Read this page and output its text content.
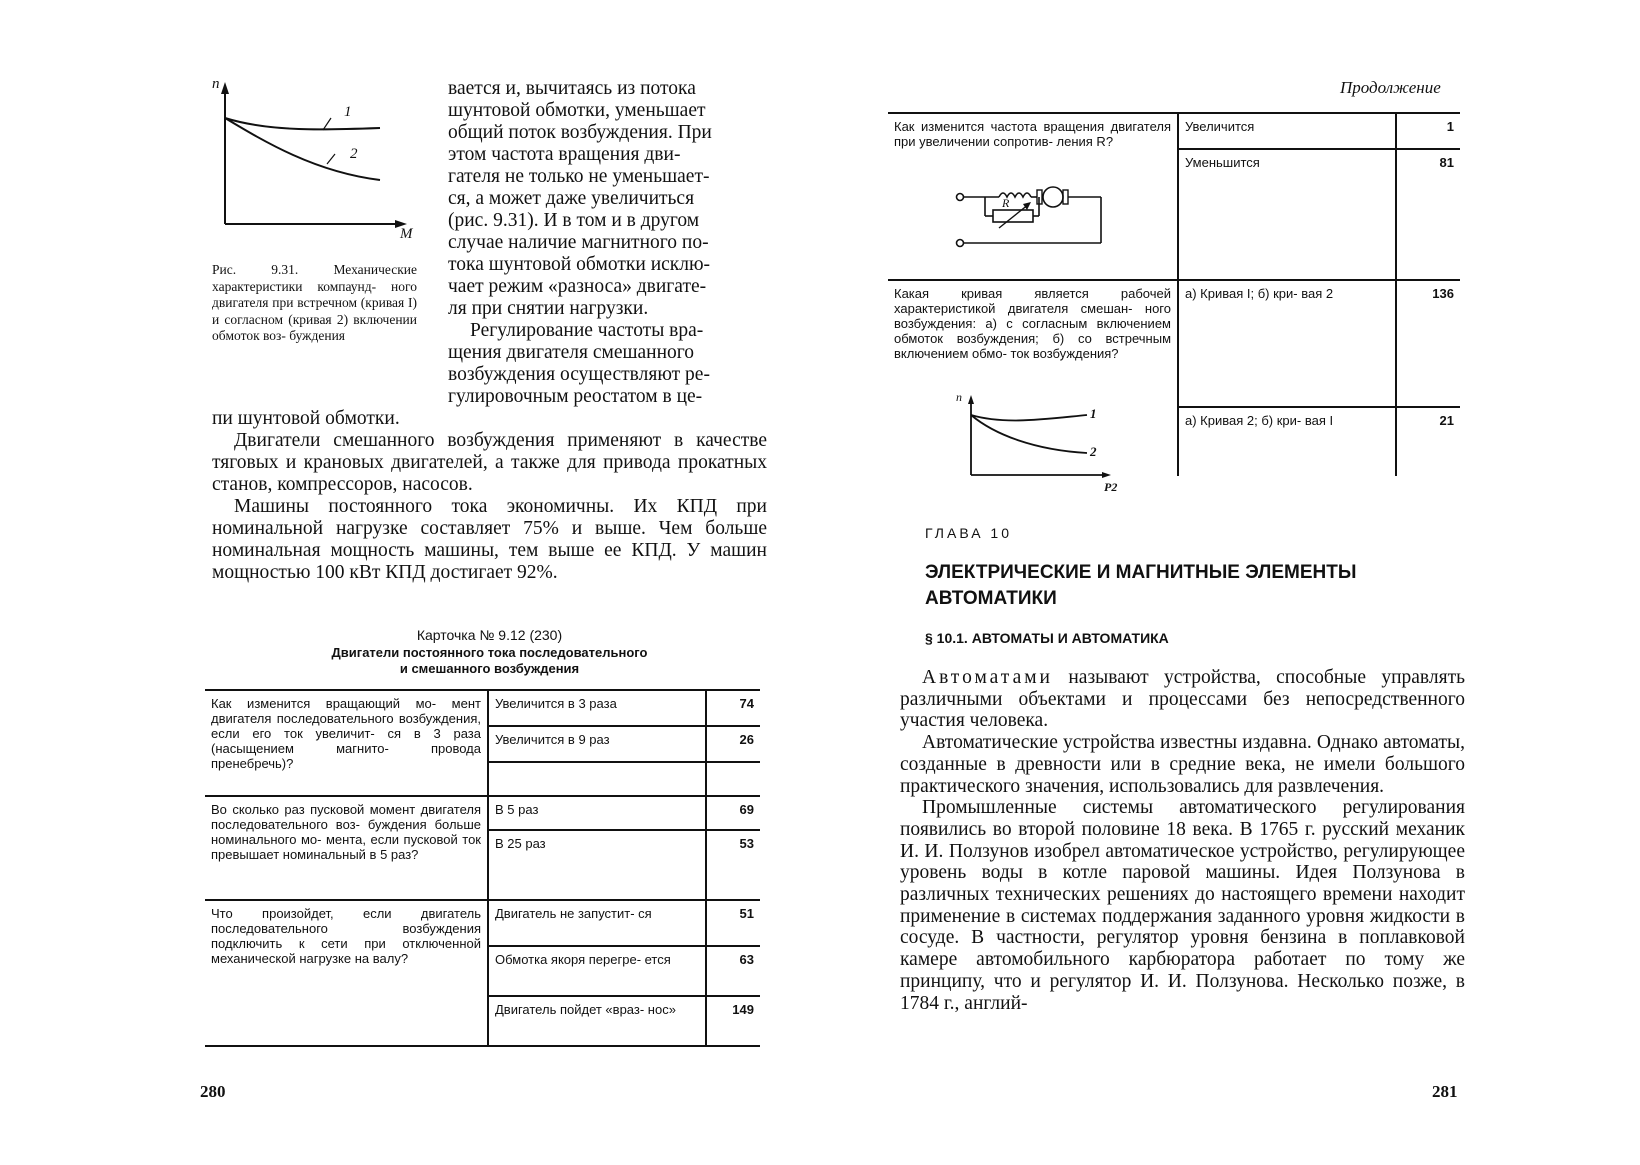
n
M
1
2
Рис. 9.31. Механические характеристики компаунд- ного двигателя при встречном (кривая I) и согласном (кривая 2) включении обмоток воз- буждения

вается и, вычитаясь из потока

шунтовой обмотки, уменьшает

общий поток возбуждения. При

этом частота вращения дви-

гателя не только не уменьшает-

ся, а может даже увеличиться

(рис. 9.31). И в том и в другом

случае наличие магнитного по-

тока шунтовой обмотки исклю-

чает режим «разноса» двигате-

ля при снятии нагрузки.

Регулирование частоты вра-

щения двигателя смешанного

возбуждения осуществляют ре-

гулировочным реостатом в це-

пи шунтовой обмотки.

Двигатели смешанного возбуждения применяют в качестве тяговых и крановых двигателей, а также для привода прокатных станов, компрессоров, насосов.

Машины постоянного тока экономичны. Их КПД при номинальной нагрузке составляет 75% и выше. Чем больше номинальная мощность машины, тем выше ее КПД. У машин мощностью 100 кВт КПД достигает 92%.

Карточка № 9.12 (230)
Двигатели постоянного тока последовательного
и смешанного возбуждения
Как изменится вращающий мо- мент двигателя последовательного возбуждения, если его ток увеличит- ся в 3 раза (насыщением магнито- провода пренебречь)?	Увеличится в 3 раза	74
	Увеличится в 9 раз	26

Во сколько раз пусковой момент двигателя последовательного воз- буждения больше номинального мо- мента, если пусковой ток превышает номинальный в 5 раз?	В 5 раз	69
	В 25 раз	53
Что произойдет, если двигатель последовательного возбуждения подключить к сети при отключенной механической нагрузке на валу?	Двигатель не запустит- ся	51
	Обмотка якоря перегре- ется	63
	Двигатель пойдет «враз- нос»	149
280
Продолжение
Как изменится частота вращения двигателя при увеличении сопротив- ления R?	Увеличится	1
	Уменьшится	81

Какая кривая является рабочей характеристикой двигателя смешан- ного возбуждения: а) с согласным включением обмоток возбуждения; б) со встречным включением обмо- ток возбуждения?	а) Кривая I; б) кри- вая 2	136
	а) Кривая 2; б) кри- вая I	21
R
n
1
2
P2
ГЛАВА 10
ЭЛЕКТРИЧЕСКИЕ И МАГНИТНЫЕ ЭЛЕМЕНТЫ
АВТОМАТИКИ
§ 10.1. АВТОМАТЫ И АВТОМАТИКА

Автоматами называют устройства, способные управлять различными объектами и процессами без непосредственного участия человека.

Автоматические устройства известны издавна. Однако автоматы, созданные в древности или в средние века, не имели большого практического значения, использовались для развлечения.

Промышленные системы автоматического регулирования появились во второй половине 18 века. В 1765 г. русский механик И. И. Ползунов изобрел автоматическое устройство, регулирующее уровень воды в котле паровой машины. Идея Ползунова в различных технических решениях до настоящего времени находит применение в системах поддержания заданного уровня жидкости в сосуде. В частности, регулятор уровня бензина в поплавковой камере автомобильного карбюратора работает по тому же принципу, что и регулятор И. И. Ползунова. Несколько позже, в 1784 г., англий-

281
